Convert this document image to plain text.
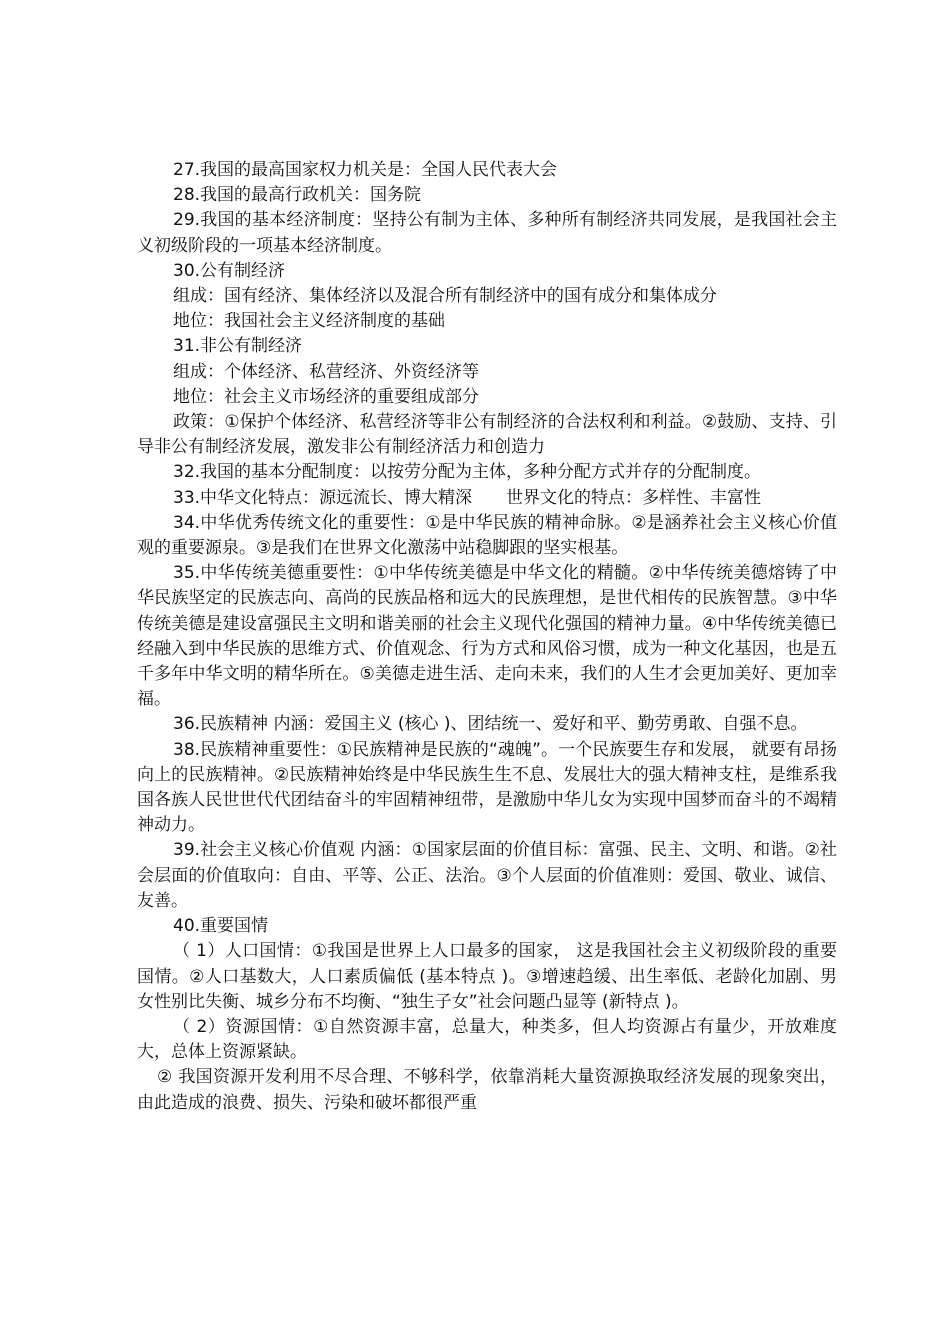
27.我国的最高国家权力机关是：全国人民代表大会

28.我国的最高行政机关：国务院

29.我国的基本经济制度：坚持公有制为主体、多种所有制经济共同发展，是我国社会主义初级阶段的一项基本经济制度。

30.公有制经济

组成：国有经济、集体经济以及混合所有制经济中的国有成分和集体成分

地位：我国社会主义经济制度的基础

31.非公有制经济

组成：个体经济、私营经济、外资经济等

地位：社会主义市场经济的重要组成部分

政策：①保护个体经济、私营经济等非公有制经济的合法权利和利益。②鼓励、支持、引导非公有制经济发展，激发非公有制经济活力和创造力

32.我国的基本分配制度：以按劳分配为主体，多种分配方式并存的分配制度。

33.中华文化特点：源远流长、博大精深　　世界文化的特点：多样性、丰富性

34.中华优秀传统文化的重要性：①是中华民族的精神命脉。②是涵养社会主义核心价值观的重要源泉。③是我们在世界文化激荡中站稳脚跟的坚实根基。

35.中华传统美德重要性：①中华传统美德是中华文化的精髓。②中华传统美德熔铸了中华民族坚定的民族志向、高尚的民族品格和远大的民族理想，是世代相传的民族智慧。③中华传统美德是建设富强民主文明和谐美丽的社会主义现代化强国的精神力量。④中华传统美德已经融入到中华民族的思维方式、价值观念、行为方式和风俗习惯，成为一种文化基因，也是五千多年中华文明的精华所在。⑤美德走进生活、走向未来，我们的人生才会更加美好、更加幸福。

36.民族精神 内涵：爱国主义 (核心 )、团结统一、爱好和平、勤劳勇敢、自强不息。

38.民族精神重要性：①民族精神是民族的“魂魄”。一个民族要生存和发展， 就要有昂扬向上的民族精神。②民族精神始终是中华民族生生不息、发展壮大的强大精神支柱，是维系我国各族人民世世代代团结奋斗的牢固精神纽带，是激励中华儿女为实现中国梦而奋斗的不竭精神动力。

39.社会主义核心价值观 内涵：①国家层面的价值目标：富强、民主、文明、和谐。②社会层面的价值取向：自由、平等、公正、法治。③个人层面的价值准则：爱国、敬业、诚信、友善。

40.重要国情

（ 1）人口国情：①我国是世界上人口最多的国家， 这是我国社会主义初级阶段的重要国情。②人口基数大，人口素质偏低 (基本特点 )。③增速趋缓、出生率低、老龄化加剧、男女性别比失衡、城乡分布不均衡、“独生子女”社会问题凸显等 (新特点 )。

（ 2）资源国情：①自然资源丰富，总量大，种类多，但人均资源占有量少，开放难度大，总体上资源紧缺。

② 我国资源开发利用不尽合理、不够科学，依靠消耗大量资源换取经济发展的现象突出，由此造成的浪费、损失、污染和破坏都很严重
